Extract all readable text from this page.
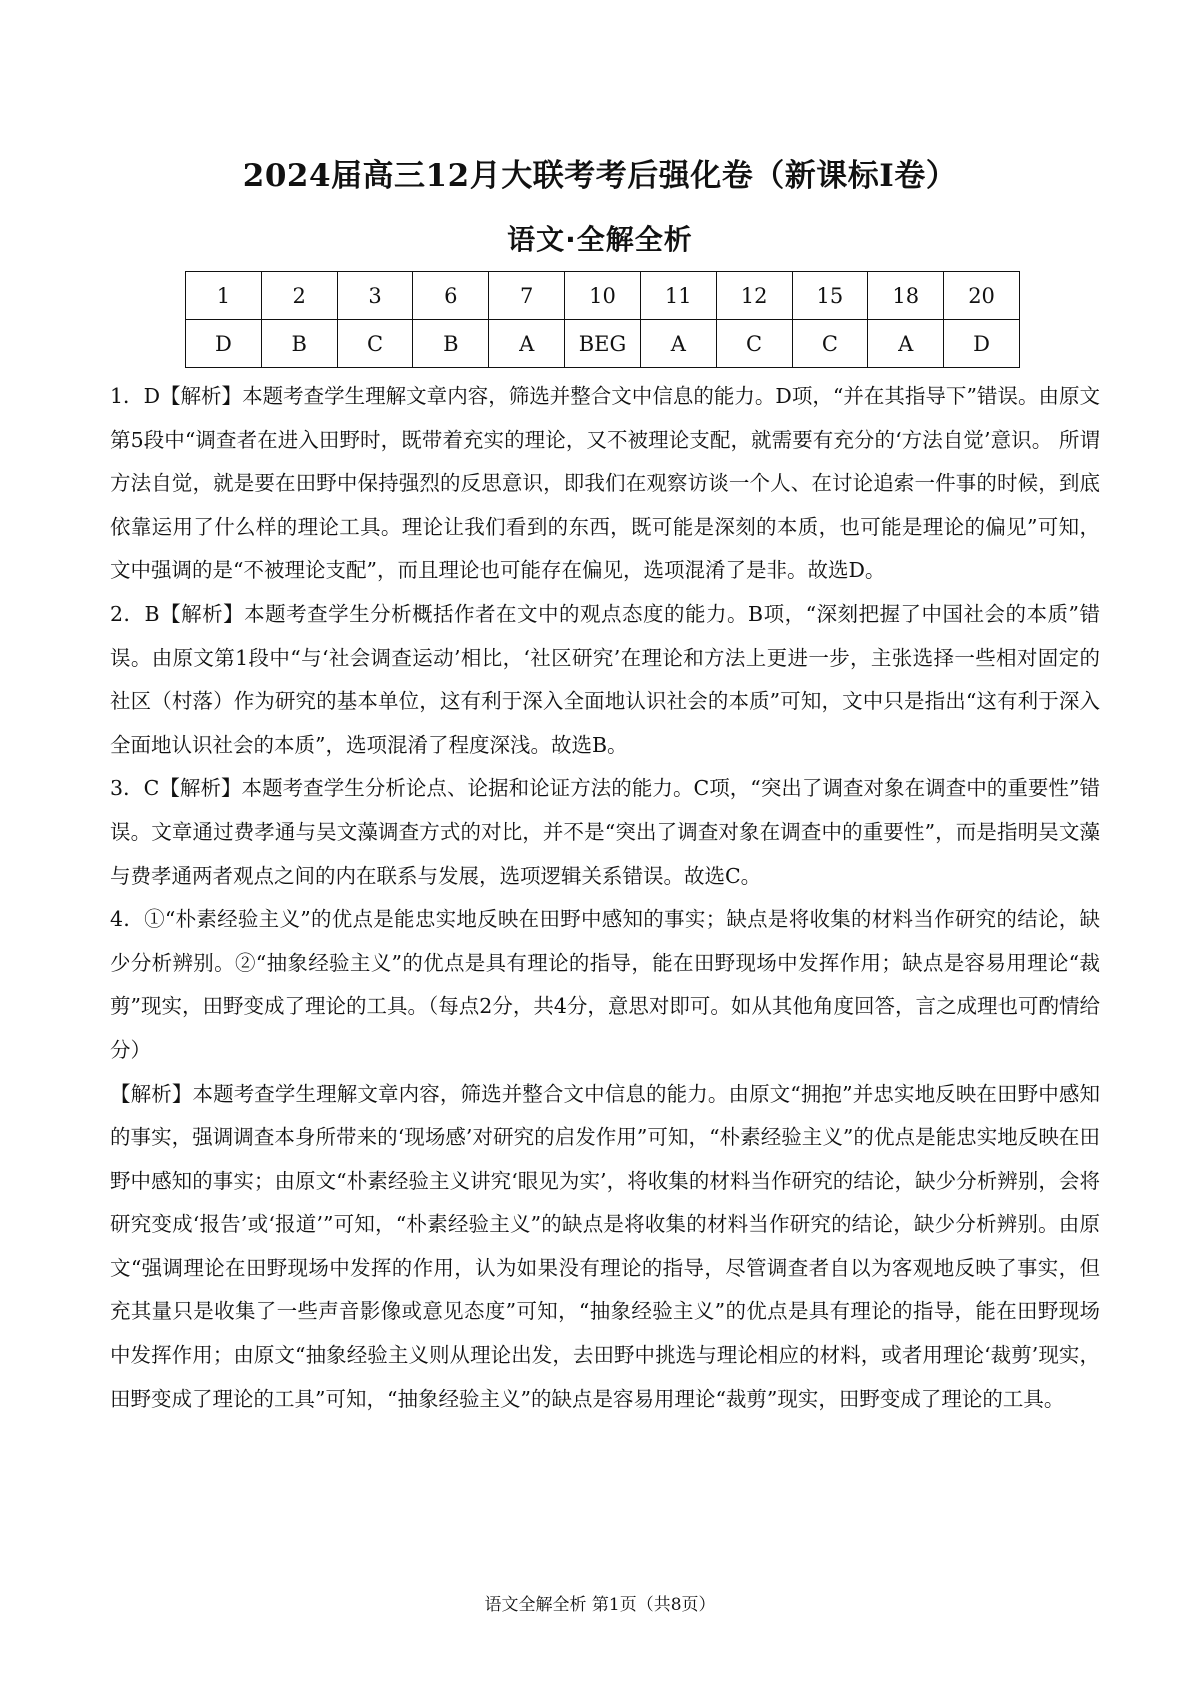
2024届高三12月大联考考后强化卷（新课标I卷）
语文·全解全析
1	2	3	6	7	10	11	12	15	18	20
D	B	C	B	A	BEG	A	C	C	A	D

1．D【解析】本题考查学生理解文章内容，筛选并整合文中信息的能力。D项，“并在其指导下”错误。由原文第5段中“调查者在进入田野时，既带着充实的理论，又不被理论支配，就需要有充分的‘方法自觉’意识。 所谓方法自觉，就是要在田野中保持强烈的反思意识，即我们在观察访谈一个人、在讨论追索一件事的时候，到底依靠运用了什么样的理论工具。理论让我们看到的东西，既可能是深刻的本质，也可能是理论的偏见”可知，文中强调的是“不被理论支配”，而且理论也可能存在偏见，选项混淆了是非。故选D。

2．B【解析】本题考查学生分析概括作者在文中的观点态度的能力。B项，“深刻把握了中国社会的本质”错误。由原文第1段中“与‘社会调查运动’相比，‘社区研究’在理论和方法上更进一步，主张选择一些相对固定的社区（村落）作为研究的基本单位，这有利于深入全面地认识社会的本质”可知，文中只是指出“这有利于深入全面地认识社会的本质”，选项混淆了程度深浅。故选B。

3．C【解析】本题考查学生分析论点、论据和论证方法的能力。C项，“突出了调查对象在调查中的重要性”错误。文章通过费孝通与吴文藻调查方式的对比，并不是“突出了调查对象在调查中的重要性”，而是指明吴文藻与费孝通两者观点之间的内在联系与发展，选项逻辑关系错误。故选C。

4．①“朴素经验主义”的优点是能忠实地反映在田野中感知的事实；缺点是将收集的材料当作研究的结论，缺少分析辨别。②“抽象经验主义”的优点是具有理论的指导，能在田野现场中发挥作用；缺点是容易用理论“裁剪”现实，田野变成了理论的工具。（每点2分，共4分，意思对即可。如从其他角度回答，言之成理也可酌情给分）

【解析】本题考查学生理解文章内容，筛选并整合文中信息的能力。由原文“拥抱”并忠实地反映在田野中感知的事实，强调调查本身所带来的‘现场感’对研究的启发作用”可知，“朴素经验主义”的优点是能忠实地反映在田野中感知的事实；由原文“朴素经验主义讲究‘眼见为实’，将收集的材料当作研究的结论，缺少分析辨别，会将研究变成‘报告’或‘报道’”可知，“朴素经验主义”的缺点是将收集的材料当作研究的结论，缺少分析辨别。由原文“强调理论在田野现场中发挥的作用，认为如果没有理论的指导，尽管调查者自以为客观地反映了事实，但充其量只是收集了一些声音影像或意见态度”可知，“抽象经验主义”的优点是具有理论的指导，能在田野现场中发挥作用；由原文“抽象经验主义则从理论出发，去田野中挑选与理论相应的材料，或者用理论‘裁剪’现实，田野变成了理论的工具”可知，“抽象经验主义”的缺点是容易用理论“裁剪”现实，田野变成了理论的工具。

语文全解全析 第1页（共8页）
